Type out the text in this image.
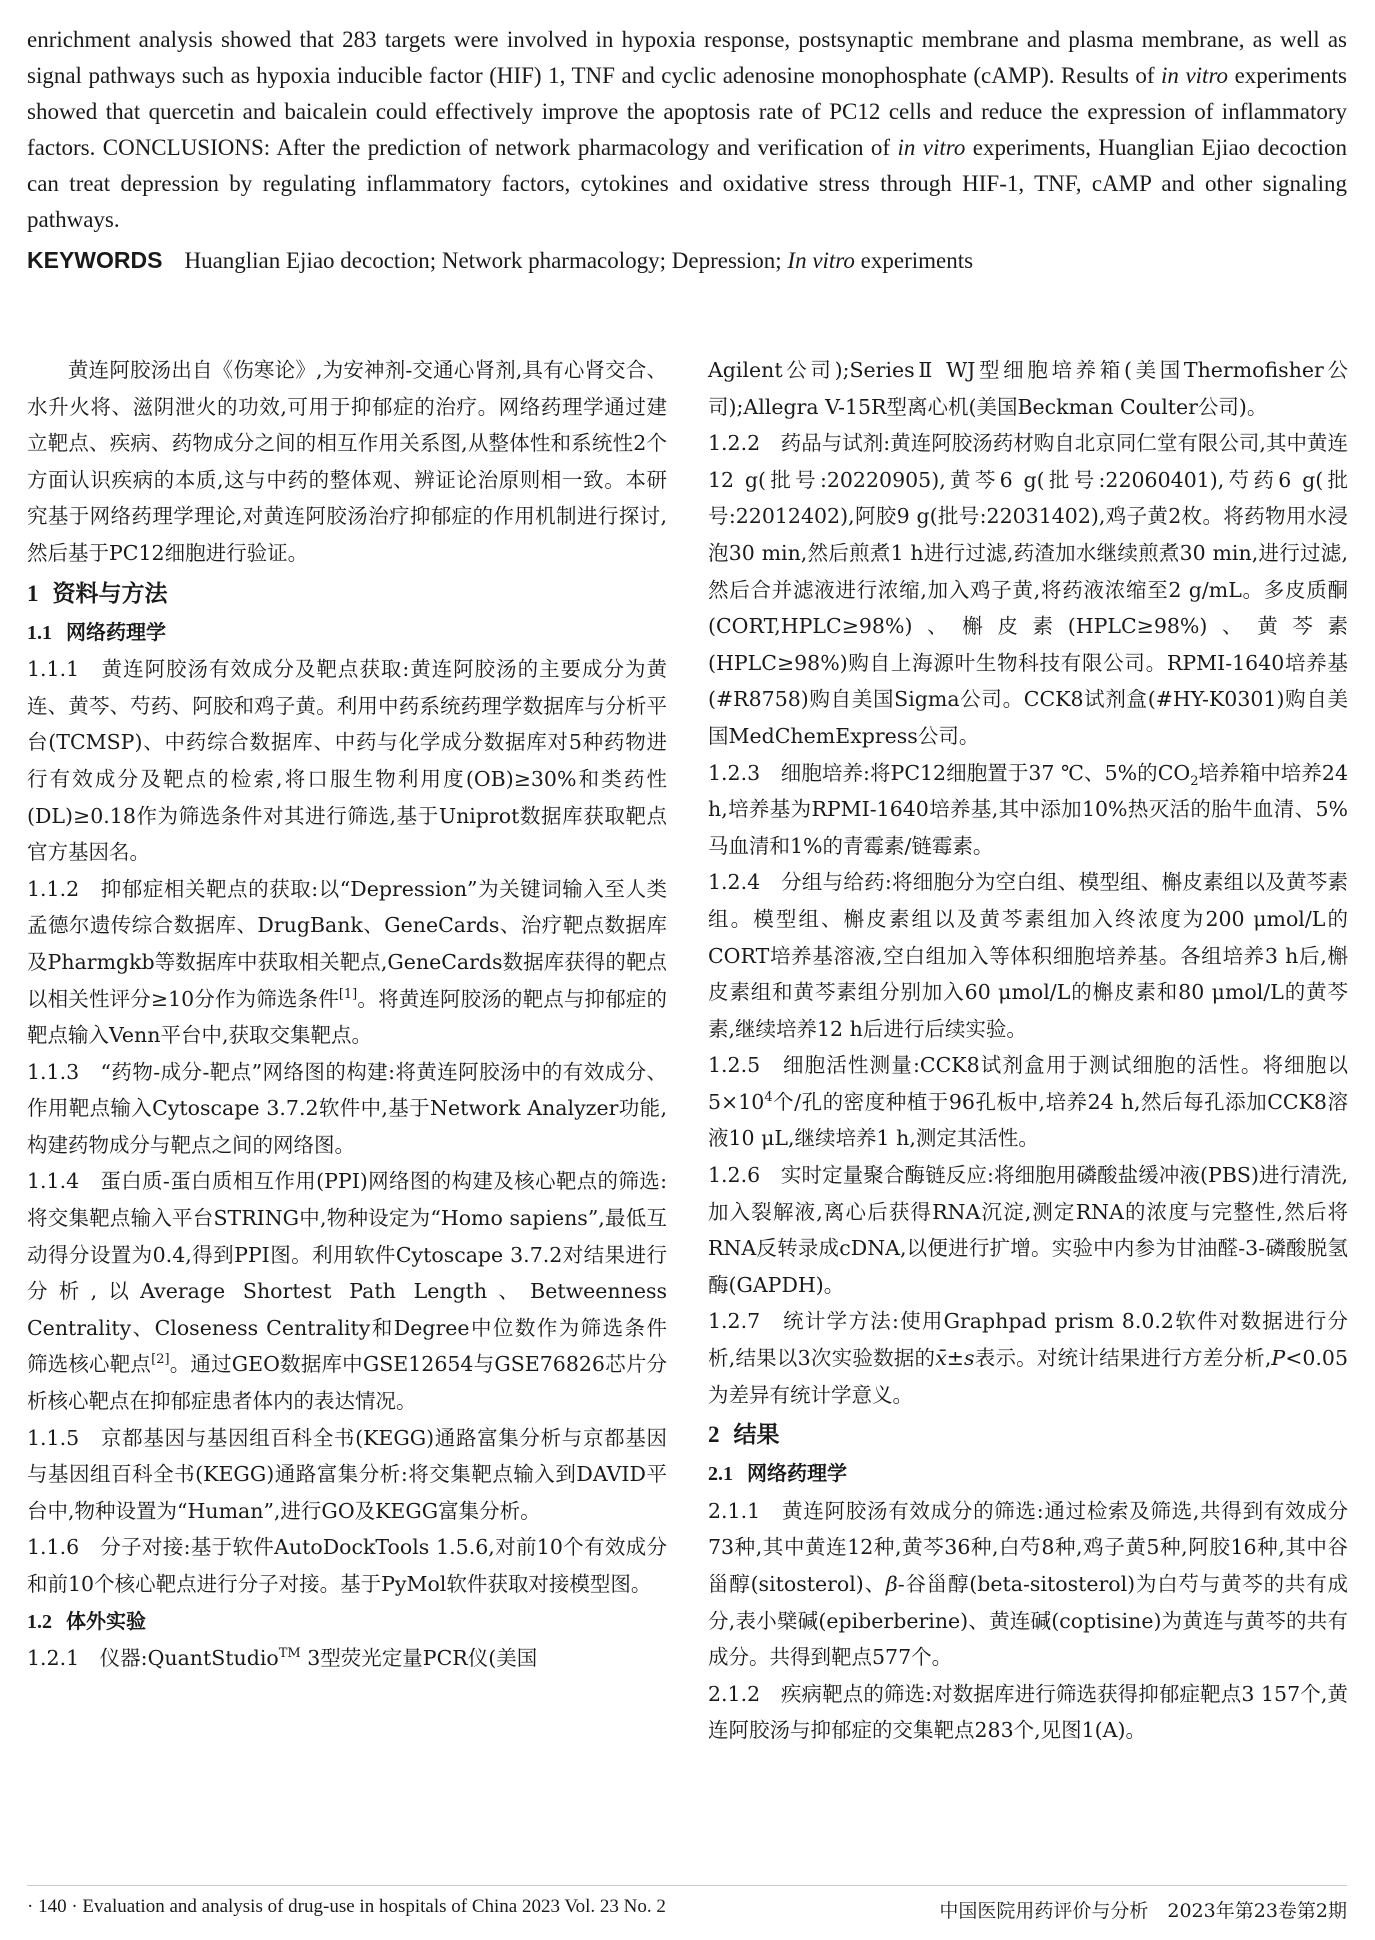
enrichment analysis showed that 283 targets were involved in hypoxia response, postsynaptic membrane and plasma membrane, as well as signal pathways such as hypoxia inducible factor (HIF) 1, TNF and cyclic adenosine monophosphate (cAMP). Results of in vitro experiments showed that quercetin and baicalein could effectively improve the apoptosis rate of PC12 cells and reduce the expression of inflammatory factors. CONCLUSIONS: After the prediction of network pharmacology and verification of in vitro experiments, Huanglian Ejiao decoction can treat depression by regulating inflammatory factors, cytokines and oxidative stress through HIF-1, TNF, cAMP and other signaling pathways.

KEYWORDS Huanglian Ejiao decoction; Network pharmacology; Depression; In vitro experiments

黄连阿胶汤出自《伤寒论》,为安神剂-交通心肾剂,具有心肾交合、水升火将、滋阴泄火的功效,可用于抑郁症的治疗。网络药理学通过建立靶点、疾病、药物成分之间的相互作用关系图,从整体性和系统性2个方面认识疾病的本质,这与中药的整体观、辨证论治原则相一致。本研究基于网络药理学理论,对黄连阿胶汤治疗抑郁症的作用机制进行探讨,然后基于PC12细胞进行验证。

1 资料与方法
1.1 网络药理学

1.1.1　黄连阿胶汤有效成分及靶点获取:黄连阿胶汤的主要成分为黄连、黄芩、芍药、阿胶和鸡子黄。利用中药系统药理学数据库与分析平台(TCMSP)、中药综合数据库、中药与化学成分数据库对5种药物进行有效成分及靶点的检索,将口服生物利用度(OB)≥30%和类药性(DL)≥0.18作为筛选条件对其进行筛选,基于Uniprot数据库获取靶点官方基因名。

1.1.2　抑郁症相关靶点的获取:以“Depression”为关键词输入至人类孟德尔遗传综合数据库、DrugBank、GeneCards、治疗靶点数据库及Pharmgkb等数据库中获取相关靶点,GeneCards数据库获得的靶点以相关性评分≥10分作为筛选条件[1]。将黄连阿胶汤的靶点与抑郁症的靶点输入Venn平台中,获取交集靶点。

1.1.3　“药物-成分-靶点”网络图的构建:将黄连阿胶汤中的有效成分、作用靶点输入Cytoscape 3.7.2软件中,基于Network Analyzer功能,构建药物成分与靶点之间的网络图。

1.1.4　蛋白质-蛋白质相互作用(PPI)网络图的构建及核心靶点的筛选:将交集靶点输入平台STRING中,物种设定为“Homo sapiens”,最低互动得分设置为0.4,得到PPI图。利用软件Cytoscape 3.7.2对结果进行分析,以Average Shortest Path Length、Betweenness Centrality、Closeness Centrality和Degree中位数作为筛选条件筛选核心靶点[2]。通过GEO数据库中GSE12654与GSE76826芯片分析核心靶点在抑郁症患者体内的表达情况。

1.1.5　京都基因与基因组百科全书(KEGG)通路富集分析与京都基因与基因组百科全书(KEGG)通路富集分析:将交集靶点输入到DAVID平台中,物种设置为“Human”,进行GO及KEGG富集分析。

1.1.6　分子对接:基于软件AutoDockTools 1.5.6,对前10个有效成分和前10个核心靶点进行分子对接。基于PyMol软件获取对接模型图。

1.2 体外实验

1.2.1　仪器:QuantStudio™ 3型荧光定量PCR仪(美国

Agilent公司);SeriesⅡ WJ型细胞培养箱(美国Thermofisher公司);Allegra V-15R型离心机(美国Beckman Coulter公司)。

1.2.2　药品与试剂:黄连阿胶汤药材购自北京同仁堂有限公司,其中黄连12 g(批号:20220905),黄芩6 g(批号:22060401),芍药6 g(批号:22012402),阿胶9 g(批号:22031402),鸡子黄2枚。将药物用水浸泡30 min,然后煎煮1 h进行过滤,药渣加水继续煎煮30 min,进行过滤,然后合并滤液进行浓缩,加入鸡子黄,将药液浓缩至2 g/mL。多皮质酮(CORT,HPLC≥98%)、槲皮素(HPLC≥98%)、黄芩素(HPLC≥98%)购自上海源叶生物科技有限公司。RPMI-1640培养基(#R8758)购自美国Sigma公司。CCK8试剂盒(#HY-K0301)购自美国MedChemExpress公司。

1.2.3　细胞培养:将PC12细胞置于37 ℃、5%的$CO_2$培养箱中培养24 h,培养基为RPMI-1640培养基,其中添加10%热灭活的胎牛血清、5%马血清和1%的青霉素/链霉素。

1.2.4　分组与给药:将细胞分为空白组、模型组、槲皮素组以及黄芩素组。模型组、槲皮素组以及黄芩素组加入终浓度为200 μmol/L的CORT培养基溶液,空白组加入等体积细胞培养基。各组培养3 h后,槲皮素组和黄芩素组分别加入60 μmol/L的槲皮素和80 μmol/L的黄芩素,继续培养12 h后进行后续实验。

1.2.5　细胞活性测量:CCK8试剂盒用于测试细胞的活性。将细胞以$5\times 10^4$个/孔的密度种植于96孔板中,培养24 h,然后每孔添加CCK8溶液10 μL,继续培养1 h,测定其活性。

1.2.6　实时定量聚合酶链反应:将细胞用磷酸盐缓冲液(PBS)进行清洗,加入裂解液,离心后获得RNA沉淀,测定RNA的浓度与完整性,然后将RNA反转录成cDNA,以便进行扩增。实验中内参为甘油醛-3-磷酸脱氢酶(GAPDH)。

1.2.7　统计学方法:使用Graphpad prism 8.0.2软件对数据进行分析,结果以3次实验数据的x̄±s表示。对统计结果进行方差分析,P<0.05为差异有统计学意义。

2 结果
2.1 网络药理学

2.1.1　黄连阿胶汤有效成分的筛选:通过检索及筛选,共得到有效成分73种,其中黄连12种,黄芩36种,白芍8种,鸡子黄5种,阿胶16种,其中谷甾醇(sitosterol)、β-谷甾醇(beta-sitosterol)为白芍与黄芩的共有成分,表小檗碱(epiberberine)、黄连碱(coptisine)为黄连与黄芩的共有成分。共得到靶点577个。

2.1.2　疾病靶点的筛选:对数据库进行筛选获得抑郁症靶点3 157个,黄连阿胶汤与抑郁症的交集靶点283个,见图1(A)。

· 140 · Evaluation and analysis of drug-use in hospitals of China 2023 Vol. 23 No. 2	中国医院用药评价与分析　2023年第23卷第2期
